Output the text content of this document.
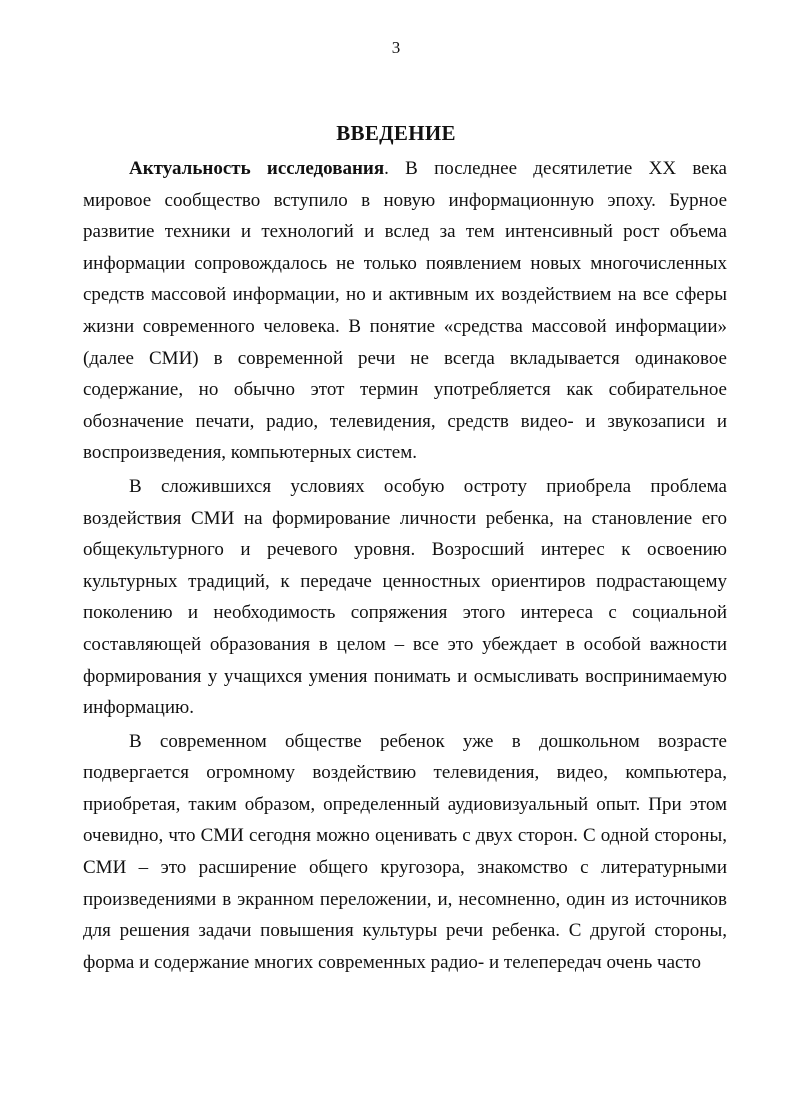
3
ВВЕДЕНИЕ

Актуальность исследования. В последнее десятилетие XX века мировое сообщество вступило в новую информационную эпоху. Бурное развитие техники и технологий и вслед за тем интенсивный рост объема информации сопровождалось не только появлением новых многочисленных средств массовой информации, но и активным их воздействием на все сферы жизни современного человека. В понятие «средства массовой информации» (далее СМИ) в современной речи не всегда вкладывается одинаковое содержание, но обычно этот термин употребляется как собирательное обозначение печати, радио, телевидения, средств видео- и звукозаписи и воспроизведения, компьютерных систем.

В сложившихся условиях особую остроту приобрела проблема воздействия СМИ на формирование личности ребенка, на становление его общекультурного и речевого уровня. Возросший интерес к освоению культурных традиций, к передаче ценностных ориентиров подрастающему поколению и необходимость сопряжения этого интереса с социальной составляющей образования в целом – все это убеждает в особой важности формирования у учащихся умения понимать и осмысливать воспринимаемую информацию.

В современном обществе ребенок уже в дошкольном возрасте подвергается огромному воздействию телевидения, видео, компьютера, приобретая, таким образом, определенный аудиовизуальный опыт. При этом очевидно, что СМИ сегодня можно оценивать с двух сторон. С одной стороны, СМИ – это расширение общего кругозора, знакомство с литературными произведениями в экранном переложении, и, несомненно, один из источников для решения задачи повышения культуры речи ребенка. С другой стороны, форма и содержание многих современных радио- и телепередач очень часто
